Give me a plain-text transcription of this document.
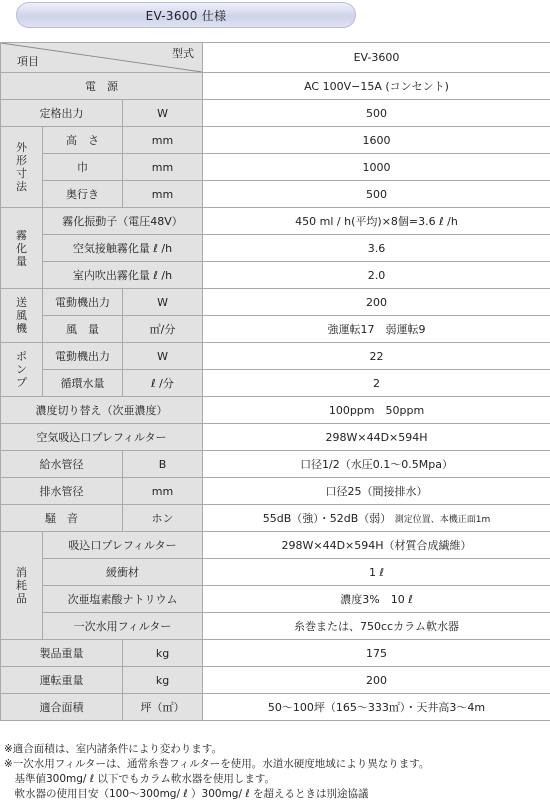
EV-3600 仕様
型式
項目			EV-3600
電　源			AC 100V−15A (コンセント)
定格出力		W	500
外形寸法	高　さ	mm	1600
	巾	mm	1000
	奥行き	mm	500
霧化量	霧化振動子（電圧48V）		450 ml / h(平均)×8個=3.6 ℓ /h
	空気接触霧化量 ℓ /h		3.6
	室内吹出霧化量 ℓ /h		2.0
送風機	電動機出力	W	200
	風　量	㎥/分	強運転17　弱運転9
ポンプ	電動機出力	W	22
	循環水量	ℓ /分	2
濃度切り替え（次亜濃度）			100ppm　50ppm
空気吸込口プレフィルター			298W×44D×594H
給水管径		B	口径1/2（水圧0.1〜0.5Mpa）
排水管径		mm	口径25（間接排水）
騒　音		ホン	55dB（強）・52dB（弱） 測定位置、本機正面1m
消耗品	吸込口プレフィルター		298W×44D×594H（材質合成繊維）
	緩衝材		1 ℓ
	次亜塩素酸ナトリウム		濃度3%　10 ℓ
	一次水用フィルター		糸巻または、750ccカラム軟水器
製品重量		kg	175
運転重量		kg	200
適合面積		坪（㎡）	50〜100坪（165〜333㎡）・天井高3〜4m
※適合面積は、室内諸条件により変わります。
※一次水用フィルターは、通常糸巻フィルターを使用。水道水硬度地域により異なります。
　基準値300mg/ ℓ 以下でもカラム軟水器を使用します。
　軟水器の使用目安（100〜300mg/ ℓ ）300mg/ ℓ を超えるときは別途協議
